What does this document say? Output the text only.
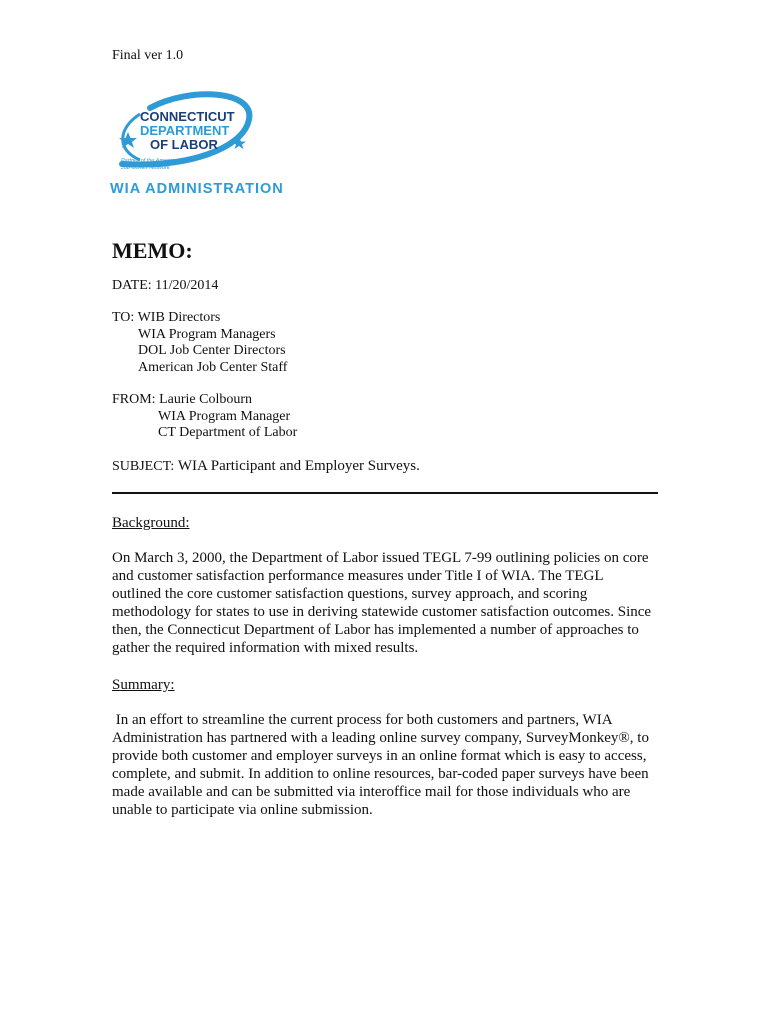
Final ver 1.0
CONNECTICUT
DEPARTMENT
OF LABOR
Partner of the American
Job Center Network
WIA ADMINISTRATION
MEMO:
DATE: 11/20/2014
TO: WIB Directors
WIA Program Managers
DOL Job Center Directors
American Job Center Staff
FROM: Laurie Colbourn
WIA Program Manager
CT Department of Labor
SUBJECT: WIA Participant and Employer Surveys.
Background:
On March 3, 2000, the Department of Labor issued TEGL 7-99 outlining policies on core
and customer satisfaction performance measures under Title I of WIA. The TEGL
outlined the core customer satisfaction questions, survey approach, and scoring
methodology for states to use in deriving statewide customer satisfaction outcomes. Since
then, the Connecticut Department of Labor has implemented a number of approaches to
gather the required information with mixed results.
Summary:
In an effort to streamline the current process for both customers and partners, WIA
Administration has partnered with a leading online survey company, SurveyMonkey®, to
provide both customer and employer surveys in an online format which is easy to access,
complete, and submit. In addition to online resources, bar-coded paper surveys have been
made available and can be submitted via interoffice mail for those individuals who are
unable to participate via online submission.
